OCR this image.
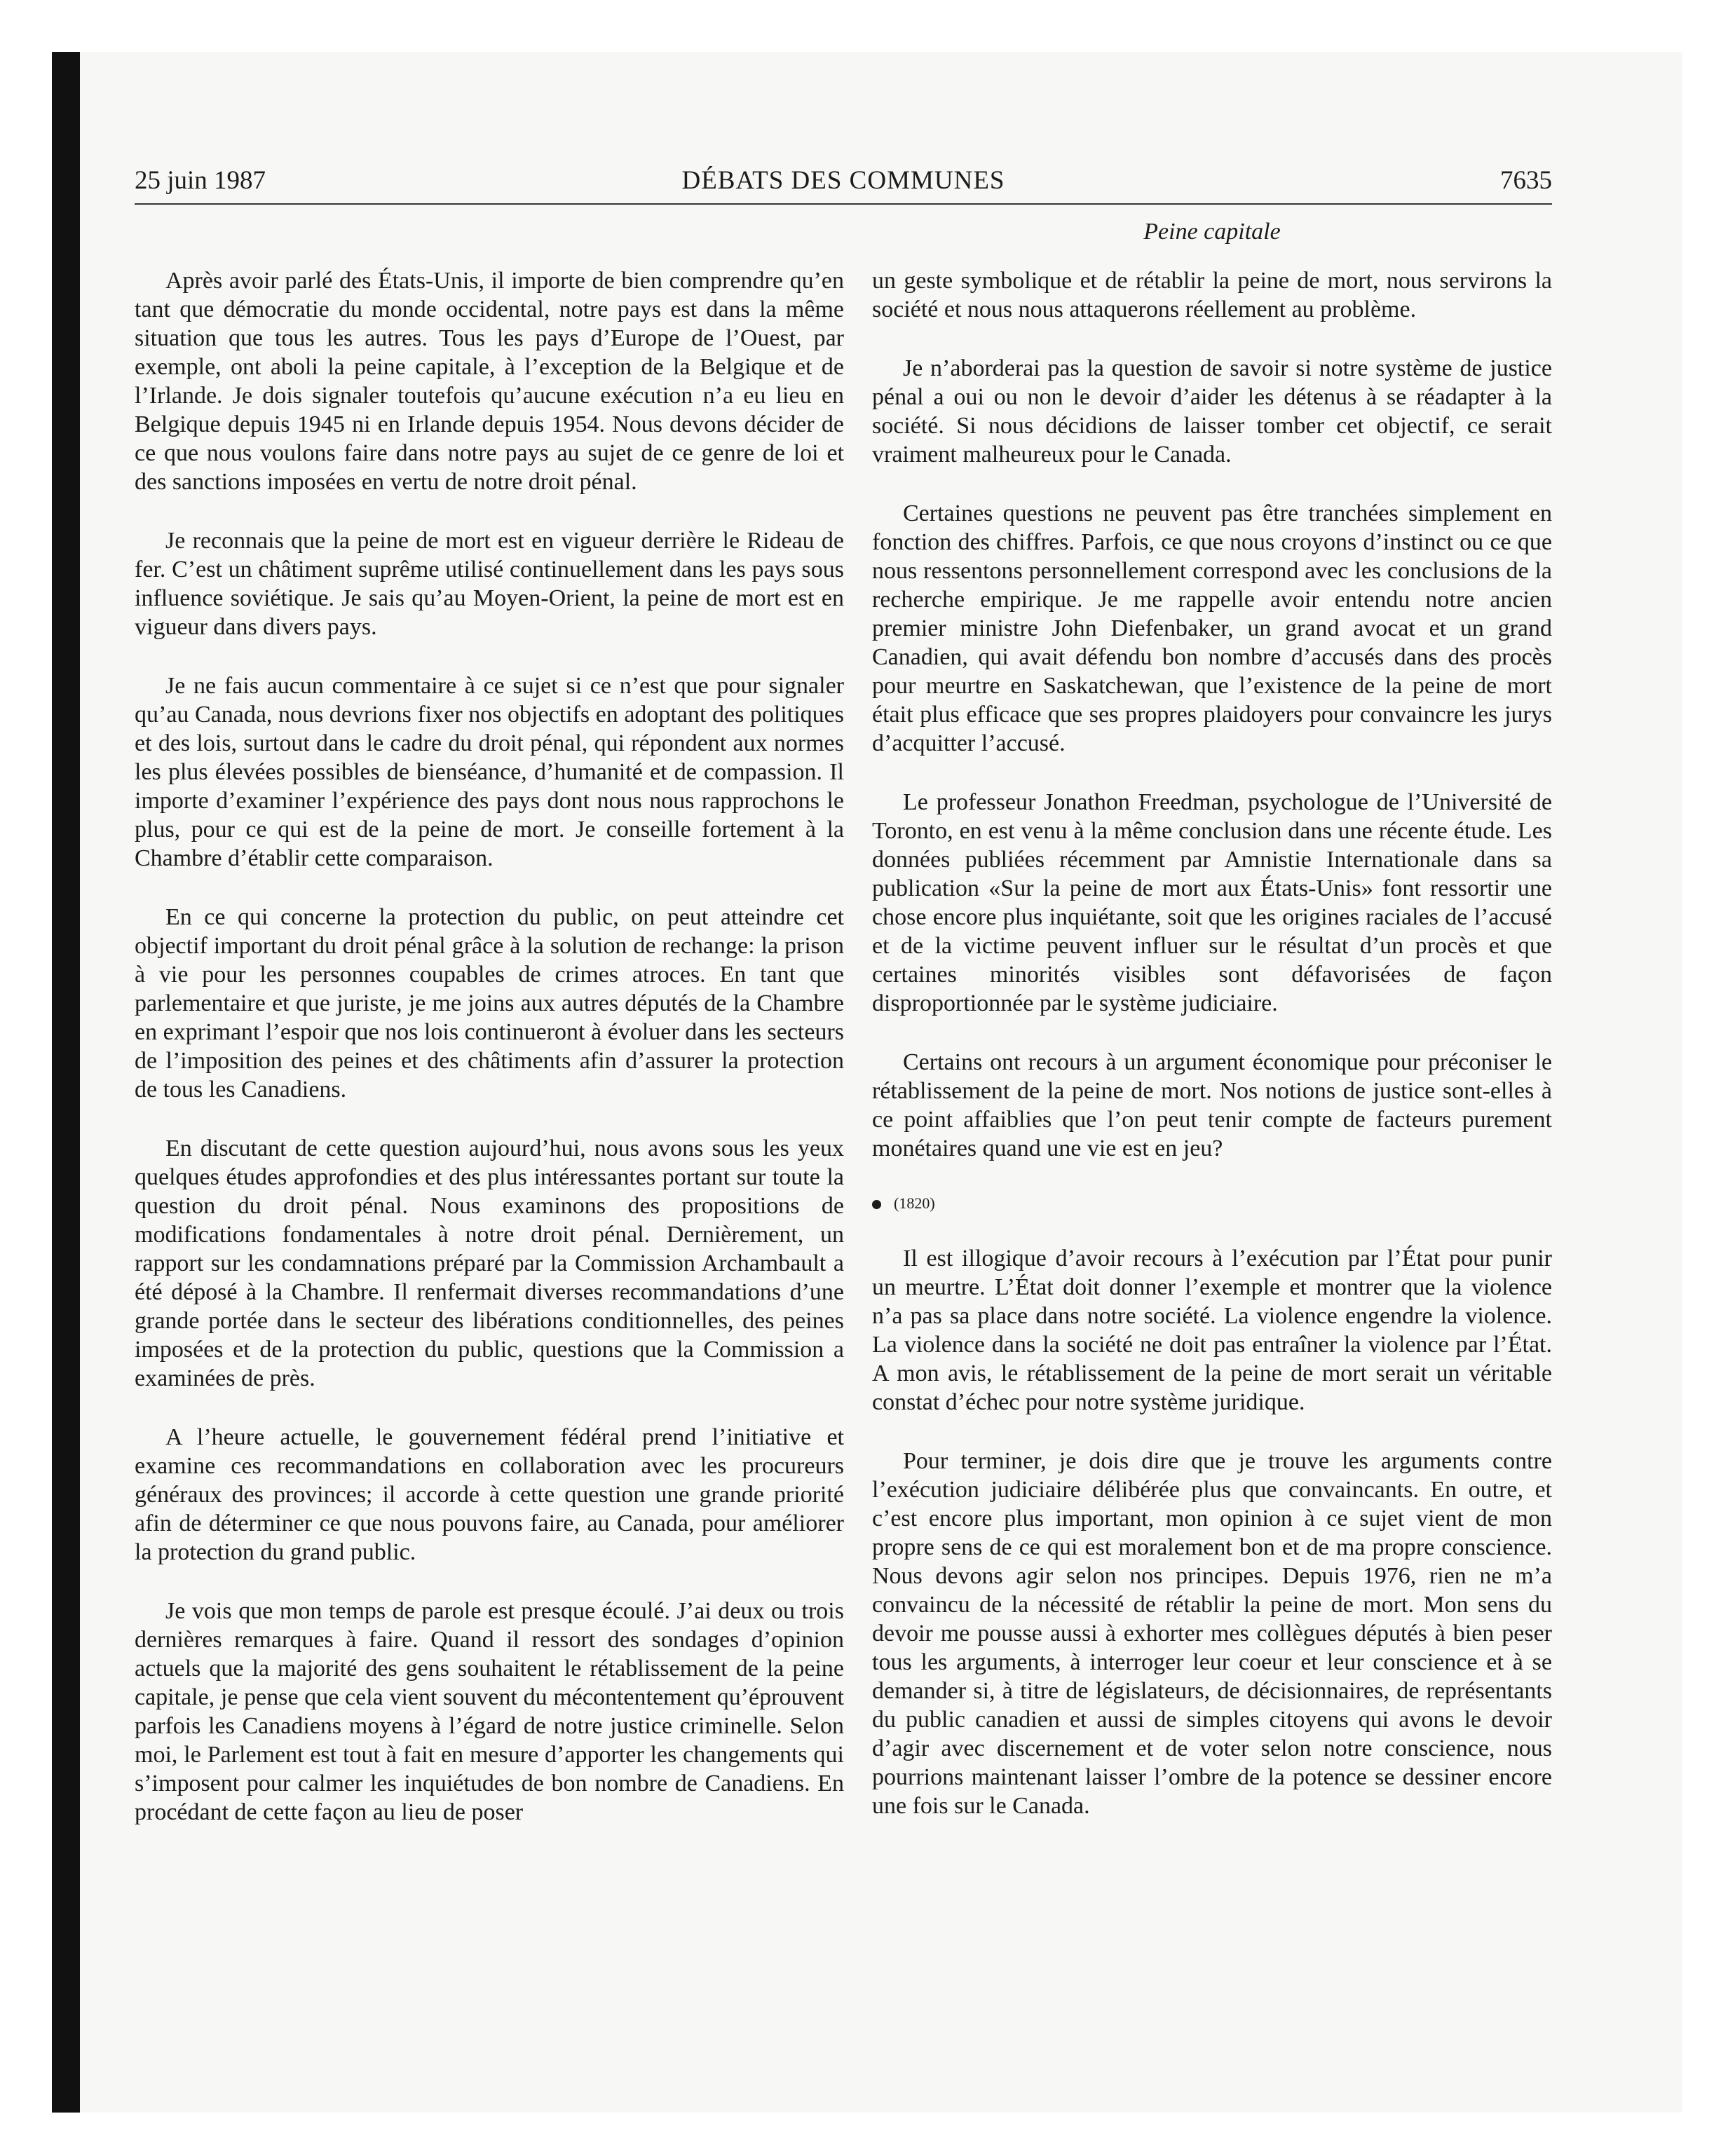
25 juin 1987	DÉBATS DES COMMUNES	7635
Peine capitale

Après avoir parlé des États-Unis, il importe de bien comprendre qu’en tant que démocratie du monde occidental, notre pays est dans la même situation que tous les autres. Tous les pays d’Europe de l’Ouest, par exemple, ont aboli la peine capitale, à l’exception de la Belgique et de l’Irlande. Je dois signaler toutefois qu’aucune exécution n’a eu lieu en Belgique depuis 1945 ni en Irlande depuis 1954. Nous devons décider de ce que nous voulons faire dans notre pays au sujet de ce genre de loi et des sanctions imposées en vertu de notre droit pénal.

Je reconnais que la peine de mort est en vigueur derrière le Rideau de fer. C’est un châtiment suprême utilisé continuellement dans les pays sous influence soviétique. Je sais qu’au Moyen-Orient, la peine de mort est en vigueur dans divers pays.

Je ne fais aucun commentaire à ce sujet si ce n’est que pour signaler qu’au Canada, nous devrions fixer nos objectifs en adoptant des politiques et des lois, surtout dans le cadre du droit pénal, qui répondent aux normes les plus élevées possibles de bienséance, d’humanité et de compassion. Il importe d’examiner l’expérience des pays dont nous nous rapprochons le plus, pour ce qui est de la peine de mort. Je conseille fortement à la Chambre d’établir cette comparaison.

En ce qui concerne la protection du public, on peut atteindre cet objectif important du droit pénal grâce à la solution de rechange: la prison à vie pour les personnes coupables de crimes atroces. En tant que parlementaire et que juriste, je me joins aux autres députés de la Chambre en exprimant l’espoir que nos lois continueront à évoluer dans les secteurs de l’imposition des peines et des châtiments afin d’assurer la protection de tous les Canadiens.

En discutant de cette question aujourd’hui, nous avons sous les yeux quelques études approfondies et des plus intéressantes portant sur toute la question du droit pénal. Nous examinons des propositions de modifications fondamentales à notre droit pénal. Dernièrement, un rapport sur les condamnations préparé par la Commission Archambault a été déposé à la Chambre. Il renfermait diverses recommandations d’une grande portée dans le secteur des libérations conditionnelles, des peines imposées et de la protection du public, questions que la Commission a examinées de près.

A l’heure actuelle, le gouvernement fédéral prend l’initiative et examine ces recommandations en collaboration avec les procureurs généraux des provinces; il accorde à cette question une grande priorité afin de déterminer ce que nous pouvons faire, au Canada, pour améliorer la protection du grand public.

Je vois que mon temps de parole est presque écoulé. J’ai deux ou trois dernières remarques à faire. Quand il ressort des sondages d’opinion actuels que la majorité des gens souhaitent le rétablissement de la peine capitale, je pense que cela vient souvent du mécontentement qu’éprouvent parfois les Canadiens moyens à l’égard de notre justice criminelle. Selon moi, le Parlement est tout à fait en mesure d’apporter les changements qui s’imposent pour calmer les inquiétudes de bon nombre de Canadiens. En procédant de cette façon au lieu de poser

un geste symbolique et de rétablir la peine de mort, nous servirons la société et nous nous attaquerons réellement au problème.

Je n’aborderai pas la question de savoir si notre système de justice pénal a oui ou non le devoir d’aider les détenus à se réadapter à la société. Si nous décidions de laisser tomber cet objectif, ce serait vraiment malheureux pour le Canada.

Certaines questions ne peuvent pas être tranchées simplement en fonction des chiffres. Parfois, ce que nous croyons d’instinct ou ce que nous ressentons personnellement correspond avec les conclusions de la recherche empirique. Je me rappelle avoir entendu notre ancien premier ministre John Diefenbaker, un grand avocat et un grand Canadien, qui avait défendu bon nombre d’accusés dans des procès pour meurtre en Saskatchewan, que l’existence de la peine de mort était plus efficace que ses propres plaidoyers pour convaincre les jurys d’acquitter l’accusé.

Le professeur Jonathon Freedman, psychologue de l’Université de Toronto, en est venu à la même conclusion dans une récente étude. Les données publiées récemment par Amnistie Internationale dans sa publication «Sur la peine de mort aux États-Unis» font ressortir une chose encore plus inquiétante, soit que les origines raciales de l’accusé et de la victime peuvent influer sur le résultat d’un procès et que certaines minorités visibles sont défavorisées de façon disproportionnée par le système judiciaire.

Certains ont recours à un argument économique pour préconiser le rétablissement de la peine de mort. Nos notions de justice sont-elles à ce point affaiblies que l’on peut tenir compte de facteurs purement monétaires quand une vie est en jeu?

(1820)

Il est illogique d’avoir recours à l’exécution par l’État pour punir un meurtre. L’État doit donner l’exemple et montrer que la violence n’a pas sa place dans notre société. La violence engendre la violence. La violence dans la société ne doit pas entraîner la violence par l’État. A mon avis, le rétablissement de la peine de mort serait un véritable constat d’échec pour notre système juridique.

Pour terminer, je dois dire que je trouve les arguments contre l’exécution judiciaire délibérée plus que convaincants. En outre, et c’est encore plus important, mon opinion à ce sujet vient de mon propre sens de ce qui est moralement bon et de ma propre conscience. Nous devons agir selon nos principes. Depuis 1976, rien ne m’a convaincu de la nécessité de rétablir la peine de mort. Mon sens du devoir me pousse aussi à exhorter mes collègues députés à bien peser tous les arguments, à interroger leur coeur et leur conscience et à se demander si, à titre de législateurs, de décisionnaires, de représentants du public canadien et aussi de simples citoyens qui avons le devoir d’agir avec discernement et de voter selon notre conscience, nous pourrions maintenant laisser l’ombre de la potence se dessiner encore une fois sur le Canada.
